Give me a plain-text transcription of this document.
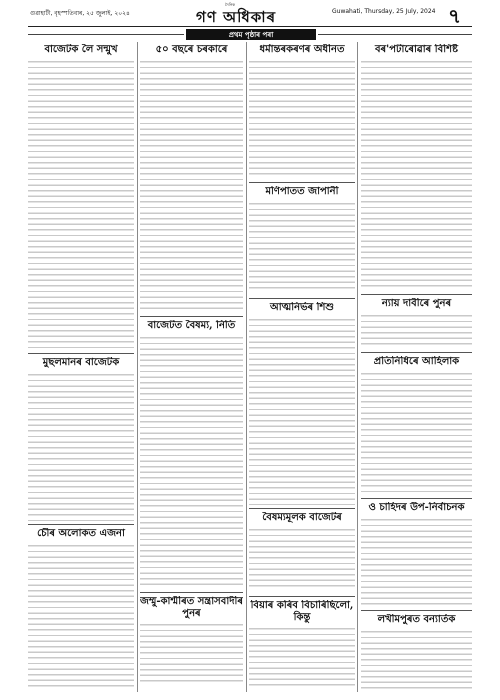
গুৱাহাটী, বৃহস্পতিবাৰ, ২৫ জুলাই, ২০২৪
দৈনিক
গণ অধিকাৰ	Guwahati, Thursday, 25 July, 2024 ৭
প্ৰথম পৃষ্ঠাৰ পৰা

বাজেটক লৈ সন্মুখ

মুছলমানৰ বাজেটক

চৌৰ অলোকত এজনা

৫০ বছৰে চৰকাৰে

বাজেটত বৈষম্য, নিতি

জম্মু-কাশ্মীৰত সন্ত্ৰাসবাদীৰ পুনৰ

ধৰ্মান্তৰকৰণৰ অধীনত

মণিপাতত জাপানী

আত্মনিৰ্ভৰ শিশু

বৈষম্যমূলক বাজেটৰ

বিয়াৰ কৰিব বিচাৰিছিলো, কিন্তু

বৰ'পটাৰোৱাৰ বিশিষ্ট

ন্যায় দাবীৰে পুনৰ

প্ৰতিনিধিৰে আহিলাক

ও চাহিদৰ উপ-নিৰ্বাচনক

লখীমপুৰত বন্যাৰ্তক
